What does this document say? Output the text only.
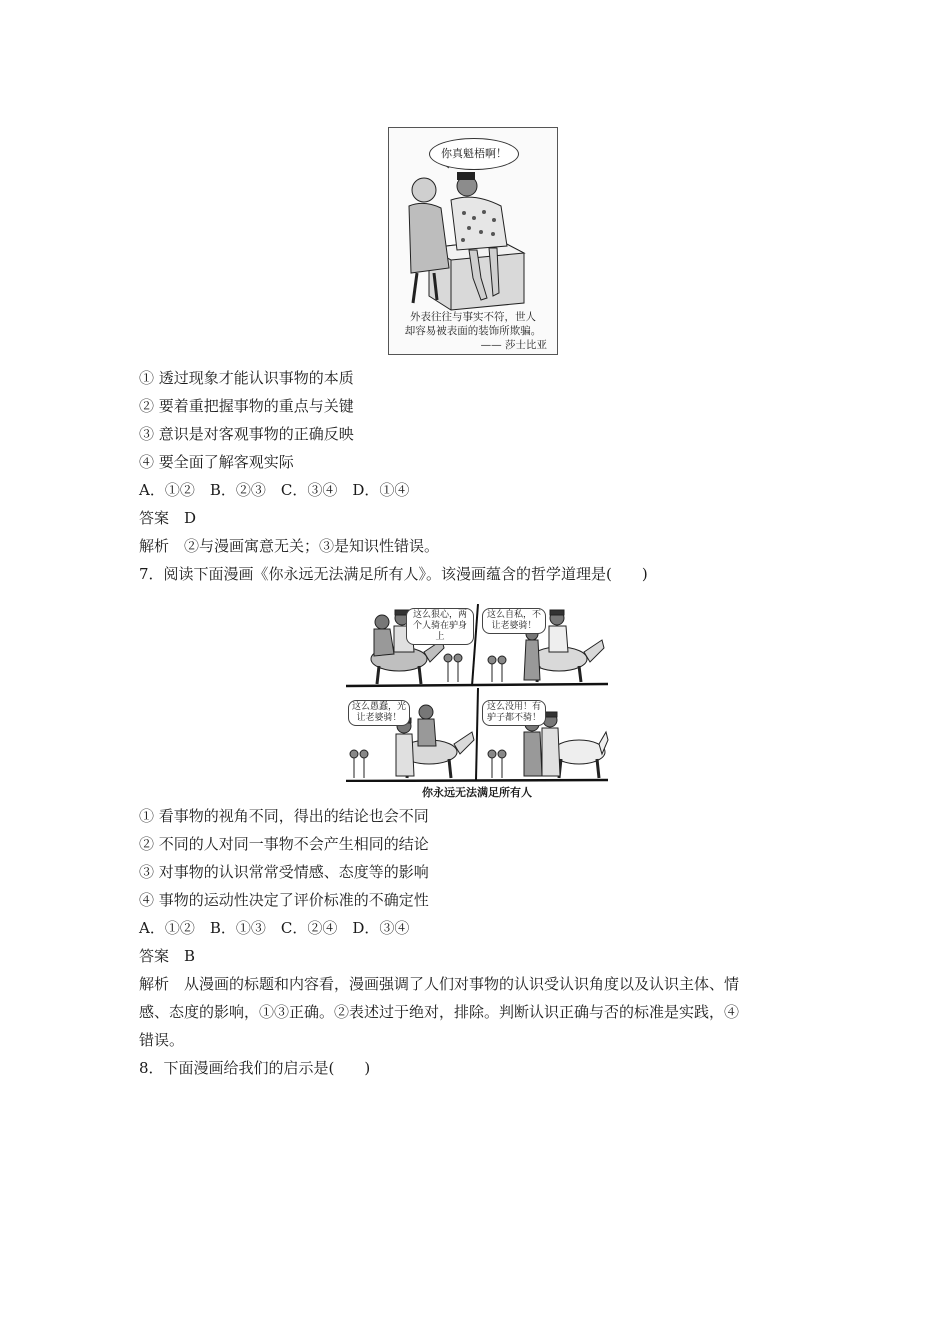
你真魁梧啊！
外表往往与事实不符，世人
却容易被表面的装饰所欺骗。
—— 莎士比亚
① 透过现象才能认识事物的本质
② 要着重把握事物的重点与关键
③ 意识是对客观事物的正确反映
④ 要全面了解客观实际
A．①②　B．②③　C．③④　D．①④
答案　D
解析　②与漫画寓意无关；③是知识性错误。
7．阅读下面漫画《你永远无法满足所有人》。该漫画蕴含的哲学道理是(　　)
这么狠心，两个人骑在驴身上
这么自私，不让老婆骑！
这么愚蠢，光让老婆骑！
这么没用！有驴子都不骑！
你永远无法满足所有人
① 看事物的视角不同，得出的结论也会不同
② 不同的人对同一事物不会产生相同的结论
③ 对事物的认识常常受情感、态度等的影响
④ 事物的运动性决定了评价标准的不确定性
A．①②　B．①③　C．②④　D．③④
答案　B
解析　从漫画的标题和内容看，漫画强调了人们对事物的认识受认识角度以及认识主体、情
感、态度的影响，①③正确。②表述过于绝对，排除。判断认识正确与否的标准是实践，④
错误。
8．下面漫画给我们的启示是(　　)
